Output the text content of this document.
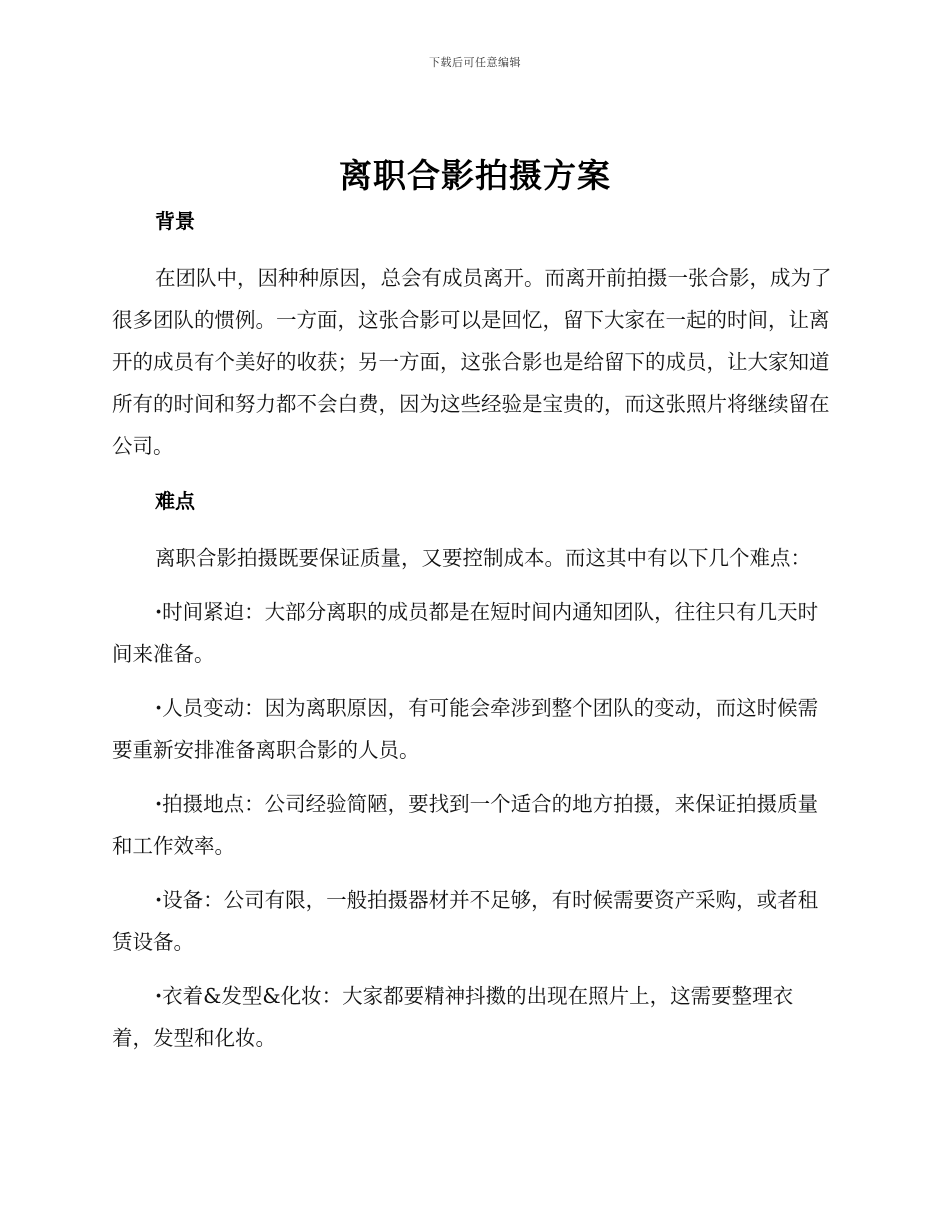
下载后可任意编辑
离职合影拍摄方案
背景

在团队中，因种种原因，总会有成员离开。而离开前拍摄一张合影，成为了很多团队的惯例。一方面，这张合影可以是回忆，留下大家在一起的时间，让离开的成员有个美好的收获；另一方面，这张合影也是给留下的成员，让大家知道所有的时间和努力都不会白费，因为这些经验是宝贵的，而这张照片将继续留在公司。

难点

离职合影拍摄既要保证质量，又要控制成本。而这其中有以下几个难点：

·时间紧迫：大部分离职的成员都是在短时间内通知团队，往往只有几天时间来准备。

·人员变动：因为离职原因，有可能会牵涉到整个团队的变动，而这时候需要重新安排准备离职合影的人员。

·拍摄地点：公司经验简陋，要找到一个适合的地方拍摄，来保证拍摄质量和工作效率。

·设备：公司有限，一般拍摄器材并不足够，有时候需要资产采购，或者租赁设备。

·衣着&发型&化妆：大家都要精神抖擞的出现在照片上，这需要整理衣着，发型和化妆。
